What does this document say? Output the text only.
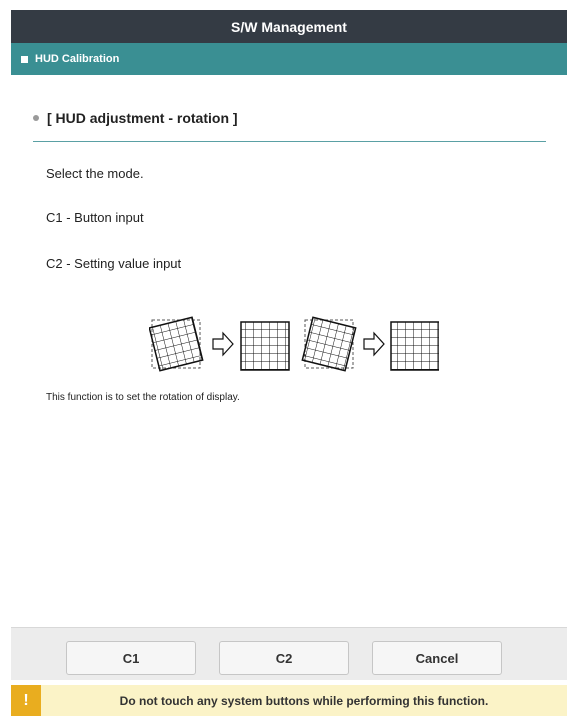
S/W Management
HUD Calibration
[ HUD adjustment - rotation ]
Select the mode.
C1 - Button input
C2 - Setting value input
This function is to set the rotation of display.
C1	C2	Cancel
!	Do not touch any system buttons while performing this function.
